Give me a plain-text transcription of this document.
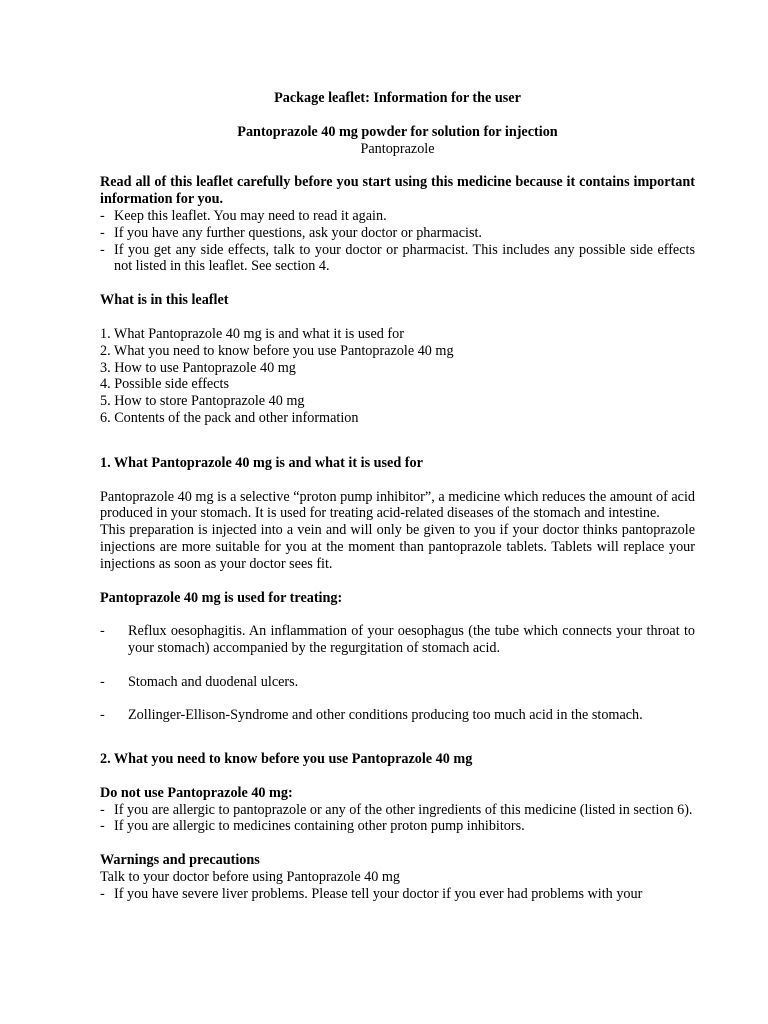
Package leaflet: Information for the user

Pantoprazole 40 mg powder for solution for injection

Pantoprazole

Read all of this leaflet carefully before you start using this medicine because it contains important information for you.

- Keep this leaflet. You may need to read it again.
- If you have any further questions, ask your doctor or pharmacist.
- If you get any side effects, talk to your doctor or pharmacist. This includes any possible side effects not listed in this leaflet. See section 4.

What is in this leaflet

1. What Pantoprazole 40 mg is and what it is used for

2. What you need to know before you use Pantoprazole 40 mg

3. How to use Pantoprazole 40 mg

4. Possible side effects

5. How to store Pantoprazole 40 mg

6. Contents of the pack and other information

1. What Pantoprazole 40 mg is and what it is used for

Pantoprazole 40 mg is a selective “proton pump inhibitor”, a medicine which reduces the amount of acid produced in your stomach. It is used for treating acid-related diseases of the stomach and intestine.

This preparation is injected into a vein and will only be given to you if your doctor thinks pantoprazole injections are more suitable for you at the moment than pantoprazole tablets. Tablets will replace your injections as soon as your doctor sees fit.

Pantoprazole 40 mg is used for treating:

- Reflux oesophagitis. An inflammation of your oesophagus (the tube which connects your throat to your stomach) accompanied by the regurgitation of stomach acid.
- Stomach and duodenal ulcers.
- Zollinger-Ellison-Syndrome and other conditions producing too much acid in the stomach.

2. What you need to know before you use Pantoprazole 40 mg

Do not use Pantoprazole 40 mg:

- If you are allergic to pantoprazole or any of the other ingredients of this medicine (listed in section 6).
- If you are allergic to medicines containing other proton pump inhibitors.

Warnings and precautions

Talk to your doctor before using Pantoprazole 40 mg

- If you have severe liver problems. Please tell your doctor if you ever had problems with your
